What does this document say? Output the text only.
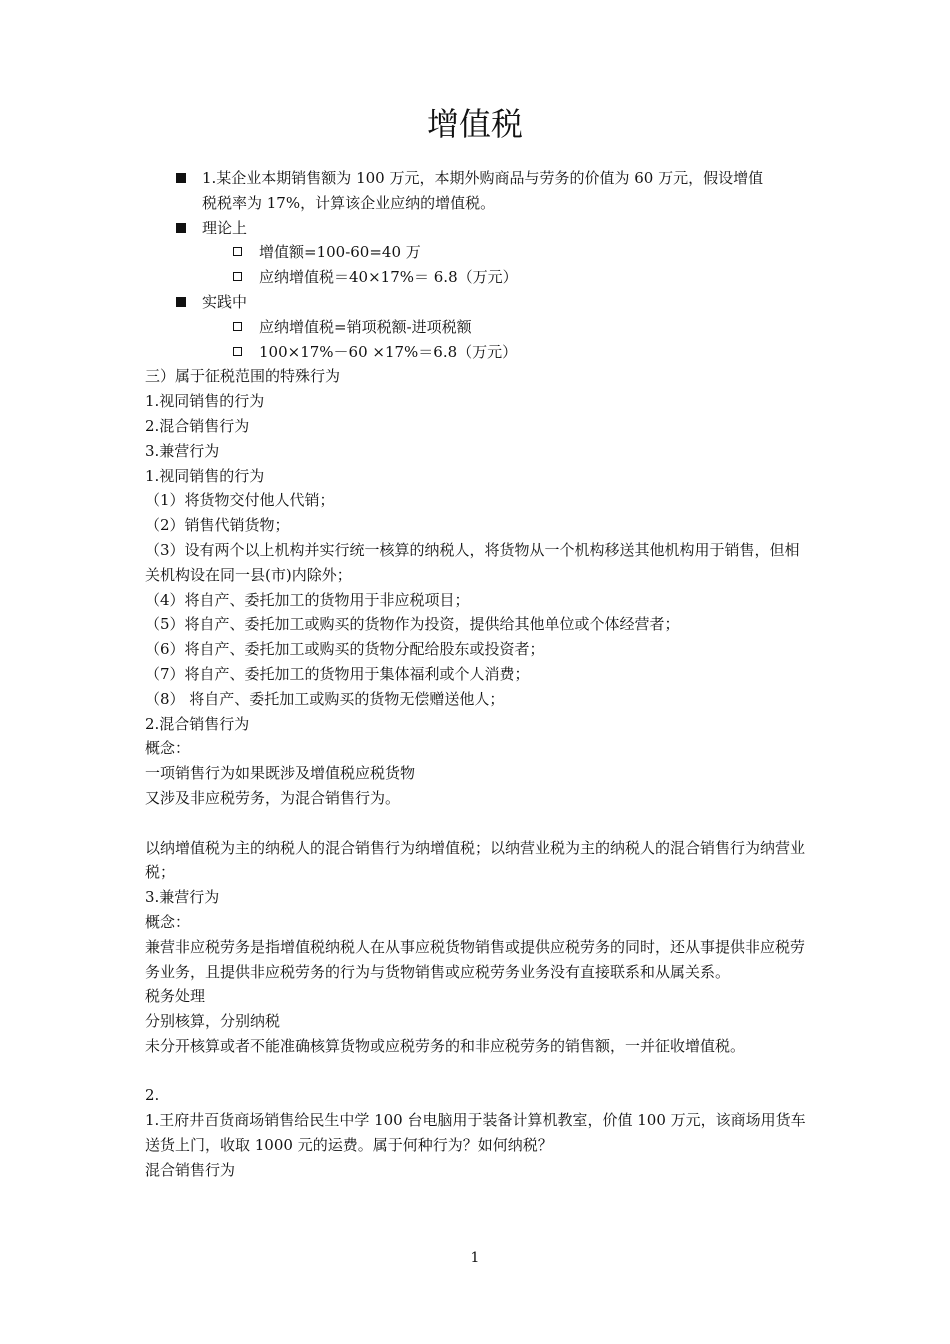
增值税
1.某企业本期销售额为 100 万元，本期外购商品与劳务的价值为 60 万元，假设增值
税税率为 17%，计算该企业应纳的增值税。
理论上
增值额=100-60=40 万
应纳增值税＝40×17%＝ 6.8（万元）
实践中
应纳增值税=销项税额-进项税额
100×17%－60 ×17%＝6.8（万元）
三）属于征税范围的特殊行为
1.视同销售的行为
2.混合销售行为
3.兼营行为
1.视同销售的行为
（1）将货物交付他人代销；
（2）销售代销货物；
（3）设有两个以上机构并实行统一核算的纳税人，将货物从一个机构移送其他机构用于销售，但相关机构设在同一县(市)内除外；
（4）将自产、委托加工的货物用于非应税项目；
（5）将自产、委托加工或购买的货物作为投资，提供给其他单位或个体经营者；
（6）将自产、委托加工或购买的货物分配给股东或投资者；
（7）将自产、委托加工的货物用于集体福利或个人消费；
（8） 将自产、委托加工或购买的货物无偿赠送他人；
2.混合销售行为
概念：
一项销售行为如果既涉及增值税应税货物
又涉及非应税劳务，为混合销售行为。
以纳增值税为主的纳税人的混合销售行为纳增值税；以纳营业税为主的纳税人的混合销售行为纳营业税；
3.兼营行为
概念：
兼营非应税劳务是指增值税纳税人在从事应税货物销售或提供应税劳务的同时，还从事提供非应税劳务业务，且提供非应税劳务的行为与货物销售或应税劳务业务没有直接联系和从属关系。
税务处理
分别核算，分别纳税
未分开核算或者不能准确核算货物或应税劳务的和非应税劳务的销售额，一并征收增值税。
2.
1.王府井百货商场销售给民生中学 100 台电脑用于装备计算机教室，价值 100 万元，该商场用货车送货上门，收取 1000 元的运费。属于何种行为？如何纳税？
混合销售行为
1
